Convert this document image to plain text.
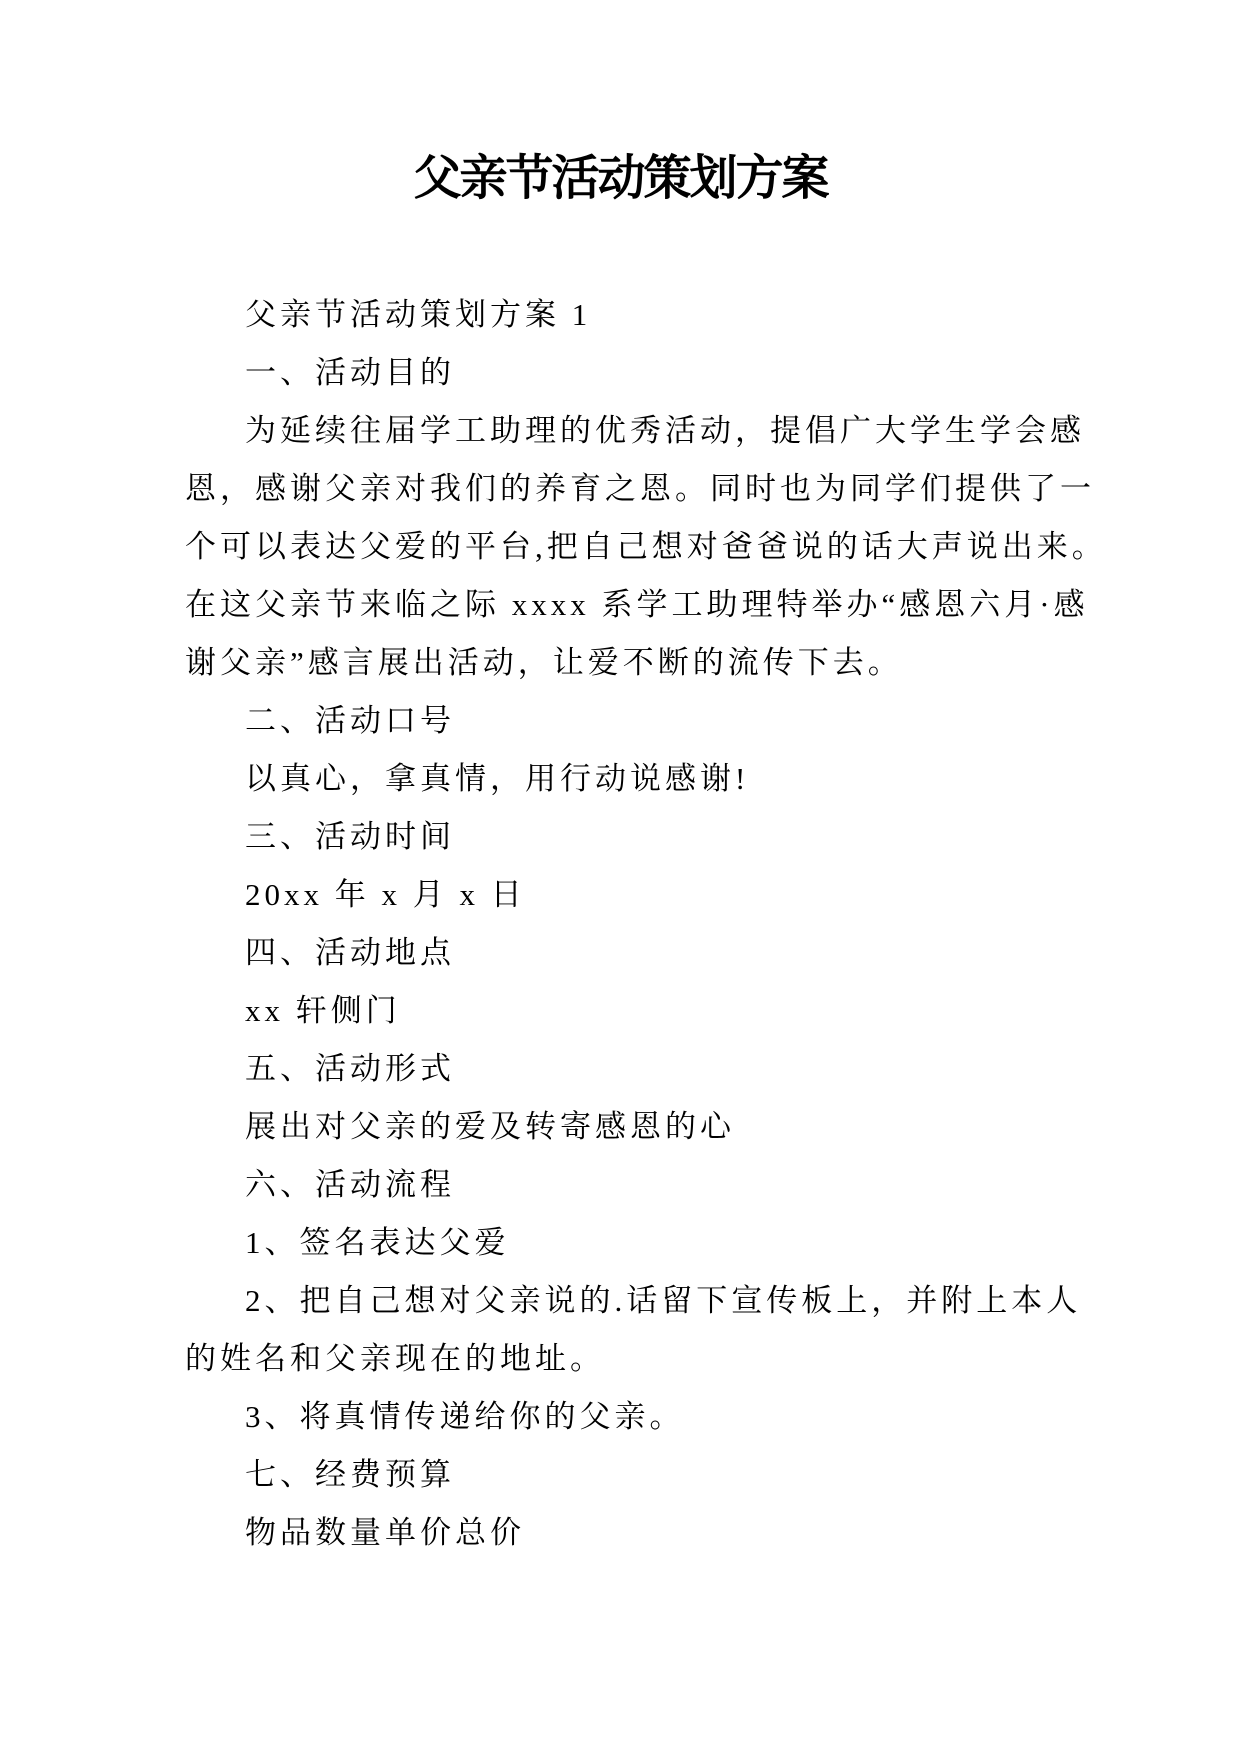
父亲节活动策划方案
父亲节活动策划方案 1
一、活动目的
为延续往届学工助理的优秀活动，提倡广大学生学会感
恩，感谢父亲对我们的养育之恩。同时也为同学们提供了一
个可以表达父爱的平台,把自己想对爸爸说的话大声说出来。
在这父亲节来临之际 xxxx 系学工助理特举办“感恩六月·感
谢父亲”感言展出活动，让爱不断的流传下去。
二、活动口号
以真心，拿真情，用行动说感谢!
三、活动时间
20xx 年 x 月 x 日
四、活动地点
xx 轩侧门
五、活动形式
展出对父亲的爱及转寄感恩的心
六、活动流程
1、签名表达父爱
2、把自己想对父亲说的.话留下宣传板上，并附上本人
的姓名和父亲现在的地址。
3、将真情传递给你的父亲。
七、经费预算
物品数量单价总价
